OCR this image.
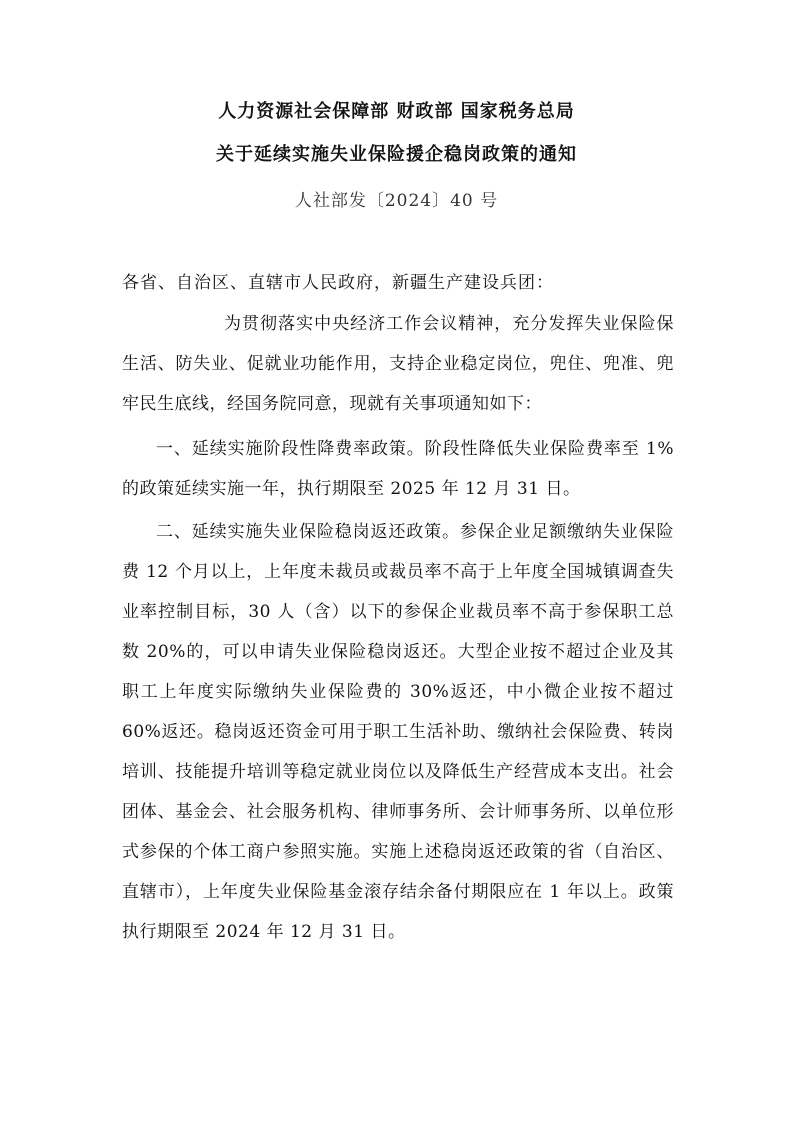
人力资源社会保障部 财政部 国家税务总局
关于延续实施失业保险援企稳岗政策的通知
人社部发〔2024〕40 号
各省、自治区、直辖市人民政府，新疆生产建设兵团：
为贯彻落实中央经济工作会议精神，充分发挥失业保险保生活、防失业、促就业功能作用，支持企业稳定岗位，兜住、兜准、兜牢民生底线，经国务院同意，现就有关事项通知如下：
一、延续实施阶段性降费率政策。阶段性降低失业保险费率至 1%的政策延续实施一年，执行期限至 2025 年 12 月 31 日。
二、延续实施失业保险稳岗返还政策。参保企业足额缴纳失业保险费 12 个月以上，上年度未裁员或裁员率不高于上年度全国城镇调查失业率控制目标，30 人（含）以下的参保企业裁员率不高于参保职工总数 20%的，可以申请失业保险稳岗返还。大型企业按不超过企业及其职工上年度实际缴纳失业保险费的 30%返还，中小微企业按不超过 60%返还。稳岗返还资金可用于职工生活补助、缴纳社会保险费、转岗培训、技能提升培训等稳定就业岗位以及降低生产经营成本支出。社会团体、基金会、社会服务机构、律师事务所、会计师事务所、以单位形式参保的个体工商户参照实施。实施上述稳岗返还政策的省（自治区、直辖市），上年度失业保险基金滚存结余备付期限应在 1 年以上。政策执行期限至 2024 年 12 月 31 日。
